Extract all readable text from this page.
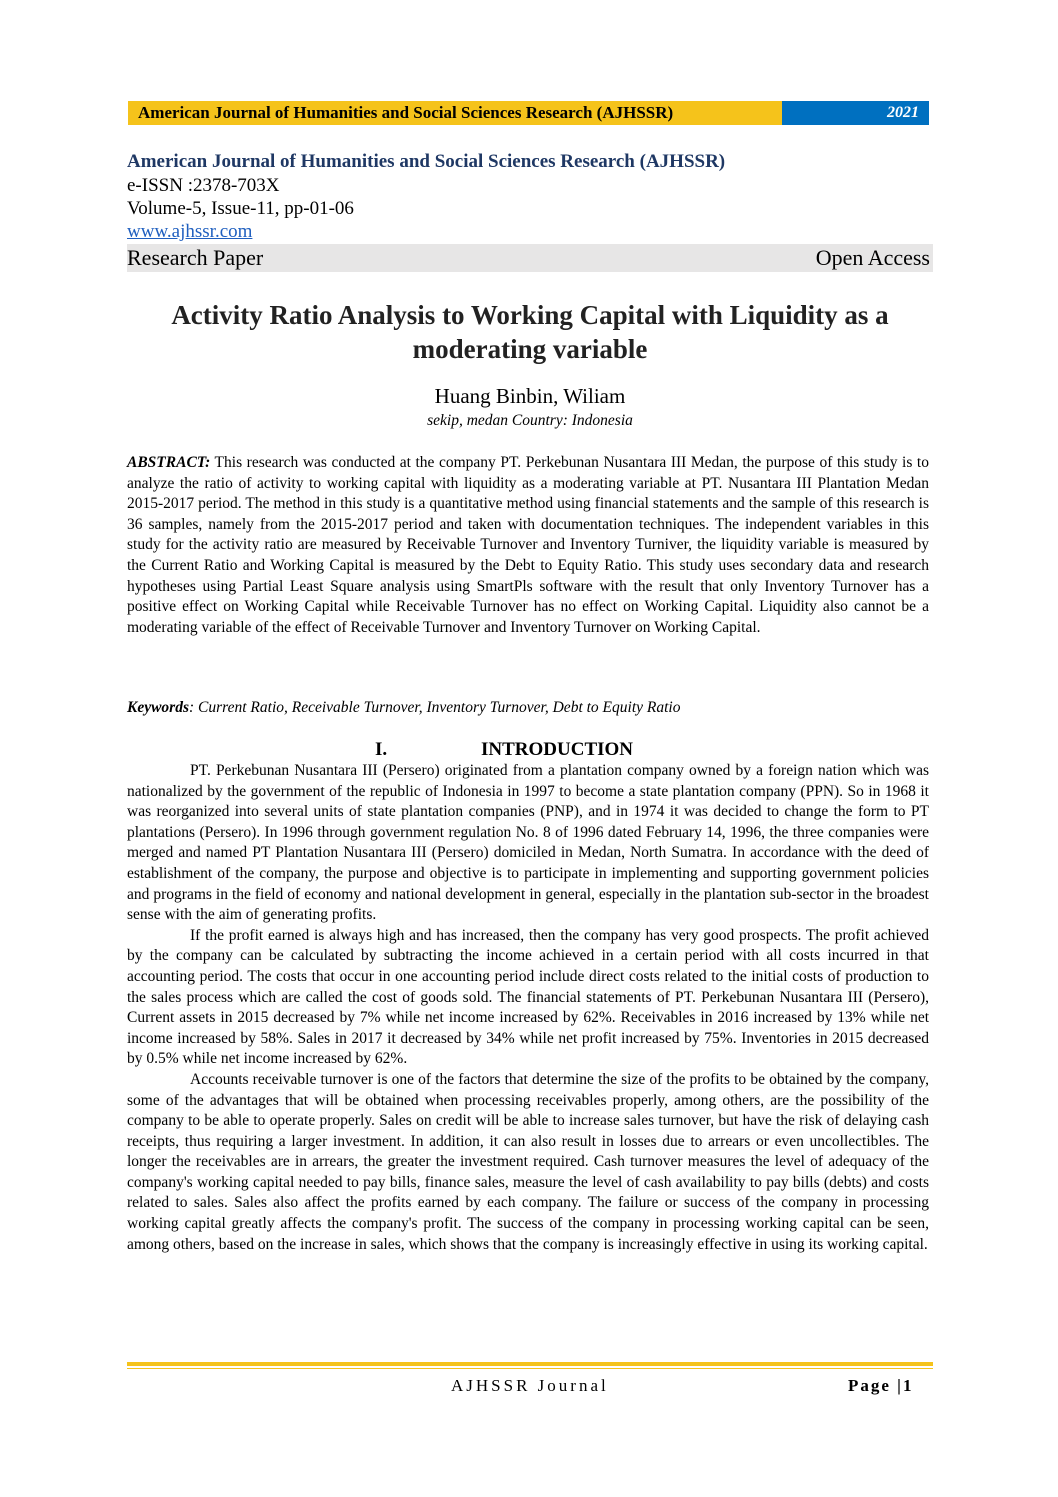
American Journal of Humanities and Social Sciences Research (AJHSSR)	2021
American Journal of Humanities and Social Sciences Research (AJHSSR)
e-ISSN :2378-703X
Volume-5, Issue-11, pp-01-06
www.ajhssr.com
Research Paper	Open Access
Activity Ratio Analysis to Working Capital with Liquidity as a
moderating variable
Huang Binbin, Wiliam
sekip, medan Country: Indonesia
ABSTRACT: This research was conducted at the company PT. Perkebunan Nusantara III Medan, the purpose of this study is to analyze the ratio of activity to working capital with liquidity as a moderating variable at PT. Nusantara III Plantation Medan 2015-2017 period. The method in this study is a quantitative method using financial statements and the sample of this research is 36 samples, namely from the 2015-2017 period and taken with documentation techniques. The independent variables in this study for the activity ratio are measured by Receivable Turnover and Inventory Turniver, the liquidity variable is measured by the Current Ratio and Working Capital is measured by the Debt to Equity Ratio. This study uses secondary data and research hypotheses using Partial Least Square analysis using SmartPls software with the result that only Inventory Turnover has a positive effect on Working Capital while Receivable Turnover has no effect on Working Capital. Liquidity also cannot be a moderating variable of the effect of Receivable Turnover and Inventory Turnover on Working Capital.
Keywords: Current Ratio, Receivable Turnover, Inventory Turnover, Debt to Equity Ratio
I.	INTRODUCTION

PT. Perkebunan Nusantara III (Persero) originated from a plantation company owned by a foreign nation which was nationalized by the government of the republic of Indonesia in 1997 to become a state plantation company (PPN). So in 1968 it was reorganized into several units of state plantation companies (PNP), and in 1974 it was decided to change the form to PT plantations (Persero). In 1996 through government regulation No. 8 of 1996 dated February 14, 1996, the three companies were merged and named PT Plantation Nusantara III (Persero) domiciled in Medan, North Sumatra. In accordance with the deed of establishment of the company, the purpose and objective is to participate in implementing and supporting government policies and programs in the field of economy and national development in general, especially in the plantation sub-sector in the broadest sense with the aim of generating profits.

If the profit earned is always high and has increased, then the company has very good prospects. The profit achieved by the company can be calculated by subtracting the income achieved in a certain period with all costs incurred in that accounting period. The costs that occur in one accounting period include direct costs related to the initial costs of production to the sales process which are called the cost of goods sold. The financial statements of PT. Perkebunan Nusantara III (Persero), Current assets in 2015 decreased by 7% while net income increased by 62%. Receivables in 2016 increased by 13% while net income increased by 58%. Sales in 2017 it decreased by 34% while net profit increased by 75%. Inventories in 2015 decreased by 0.5% while net income increased by 62%.

Accounts receivable turnover is one of the factors that determine the size of the profits to be obtained by the company, some of the advantages that will be obtained when processing receivables properly, among others, are the possibility of the company to be able to operate properly. Sales on credit will be able to increase sales turnover, but have the risk of delaying cash receipts, thus requiring a larger investment. In addition, it can also result in losses due to arrears or even uncollectibles. The longer the receivables are in arrears, the greater the investment required. Cash turnover measures the level of adequacy of the company's working capital needed to pay bills, finance sales, measure the level of cash availability to pay bills (debts) and costs related to sales. Sales also affect the profits earned by each company. The failure or success of the company in processing working capital greatly affects the company's profit. The success of the company in processing working capital can be seen, among others, based on the increase in sales, which shows that the company is increasingly effective in using its working capital.

AJHSSR Journal	Page |1
